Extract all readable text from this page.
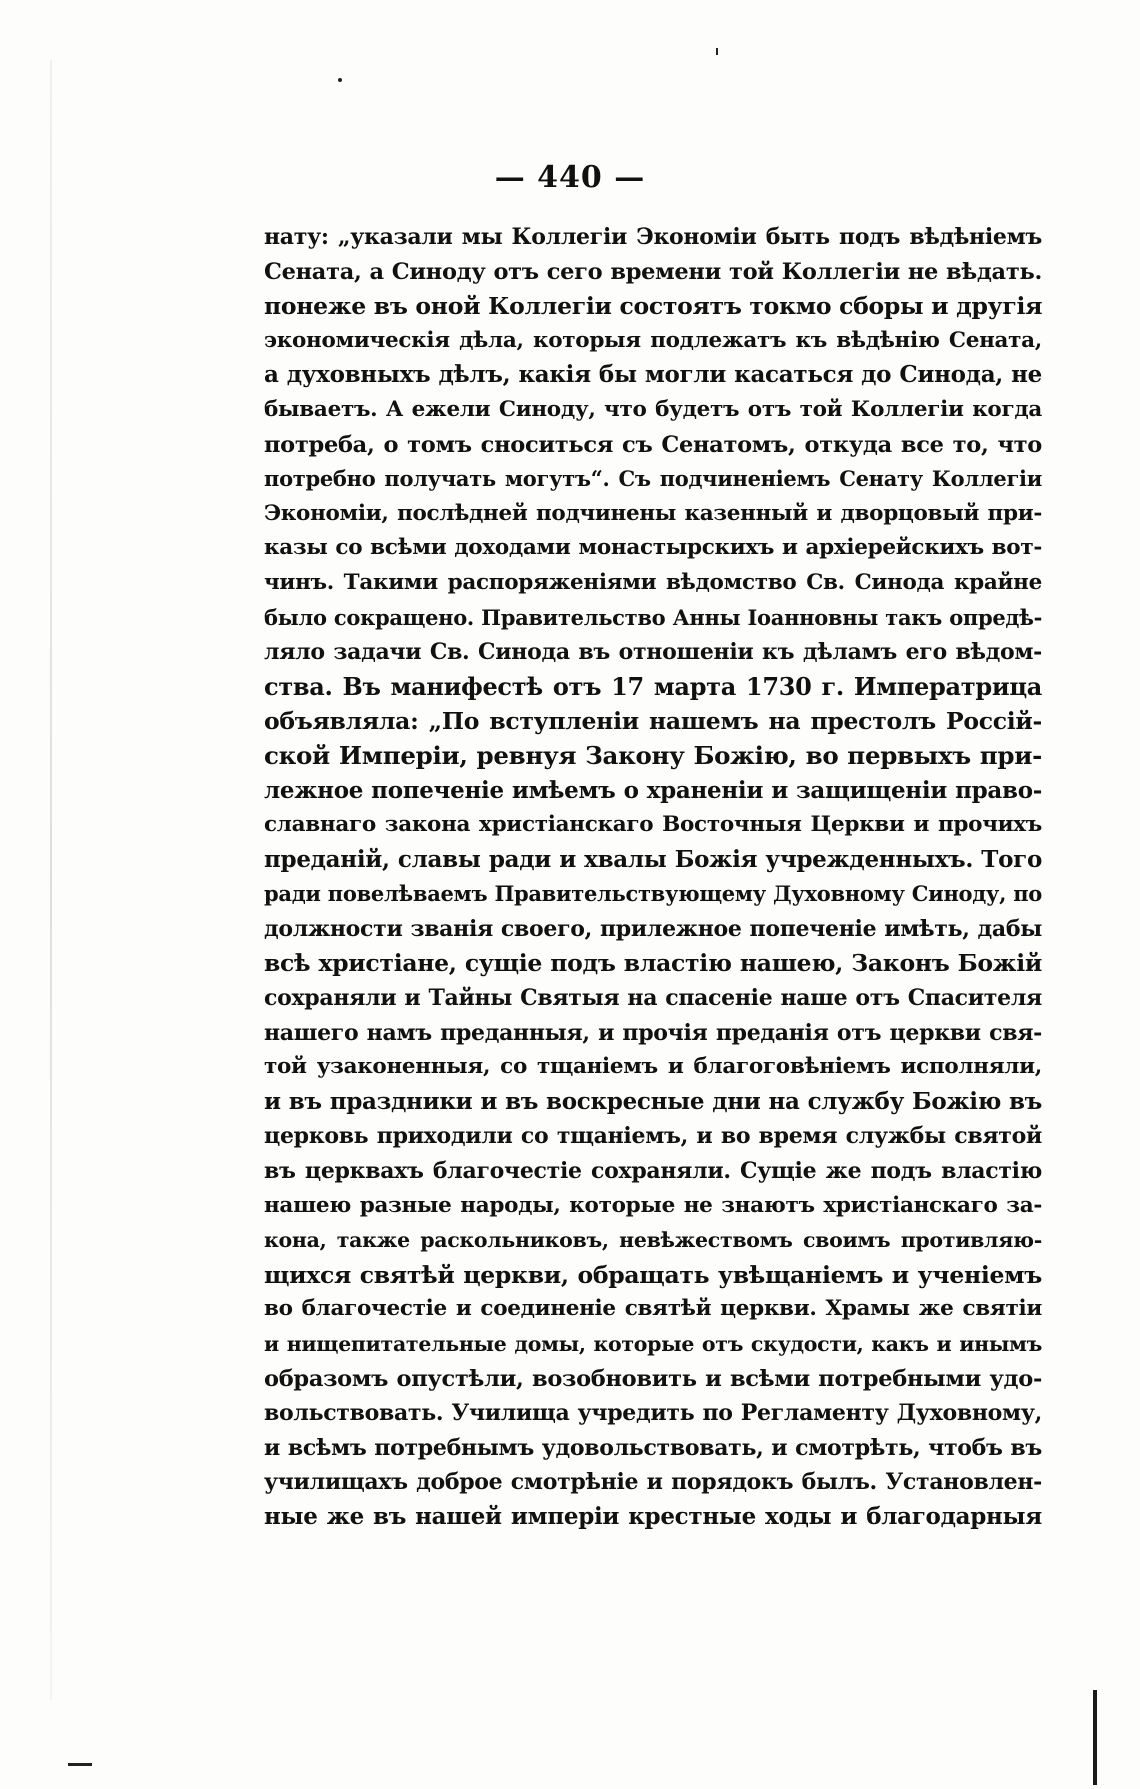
— 440 —
нату: „указали мы Коллегіи Экономіи быть подъ вѣдѣніемъ
Сената, а Синоду отъ сего времени той Коллегіи не вѣдать.
понеже въ оной Коллегіи состоятъ токмо сборы и другія
экономическія дѣла, которыя подлежатъ къ вѣдѣнію Сената,
а духовныхъ дѣлъ, какія бы могли касаться до Синода, не
бываетъ. А ежели Синоду, что будетъ отъ той Коллегіи когда
потреба, о томъ сноситься съ Сенатомъ, откуда все то, что
потребно получать могутъ“. Съ подчиненіемъ Сенату Коллегіи
Экономіи, послѣдней подчинены казенный и дворцовый при-
казы со всѣми доходами монастырскихъ и архіерейскихъ вот-
чинъ. Такими распоряженіями вѣдомство Св. Синода крайне
было сокращено. Правительство Анны Іоанновны такъ опредѣ-
ляло задачи Св. Синода въ отношеніи къ дѣламъ его вѣдом-
ства. Въ манифестѣ отъ 17 марта 1730 г. Императрица
объявляла: „По вступленіи нашемъ на престолъ Россій-
ской Имперіи, ревнуя Закону Божію, во первыхъ при-
лежное попеченіе имѣемъ о храненіи и защищеніи право-
славнаго закона христіанскаго Восточныя Церкви и прочихъ
преданій, славы ради и хвалы Божія учрежденныхъ. Того
ради повелѣваемъ Правительствующему Духовному Синоду, по
должности званія своего, прилежное попеченіе имѣть, дабы
всѣ христіане, сущіе подъ властію нашею, Законъ Божій
сохраняли и Тайны Святыя на спасеніе наше отъ Спасителя
нашего намъ преданныя, и прочія преданія отъ церкви свя-
той узаконенныя, со тщаніемъ и благоговѣніемъ исполняли,
и въ праздники и въ воскресные дни на службу Божію въ
церковь приходили со тщаніемъ, и во время службы святой
въ церквахъ благочестіе сохраняли. Сущіе же подъ властію
нашею разные народы, которые не знаютъ христіанскаго за-
кона, также раскольниковъ, невѣжествомъ своимъ противляю-
щихся святѣй церкви, обращать увѣщаніемъ и ученіемъ
во благочестіе и соединеніе святѣй церкви. Храмы же святіи
и нищепитательные домы, которые отъ скудости, какъ и инымъ
образомъ опустѣли, возобновить и всѣми потребными удо-
вольствовать. Училища учредить по Регламенту Духовному,
и всѣмъ потребнымъ удовольствовать, и смотрѣть, чтобъ въ
училищахъ доброе смотрѣніе и порядокъ былъ. Установлен-
ные же въ нашей имперіи крестные ходы и благодарныя
